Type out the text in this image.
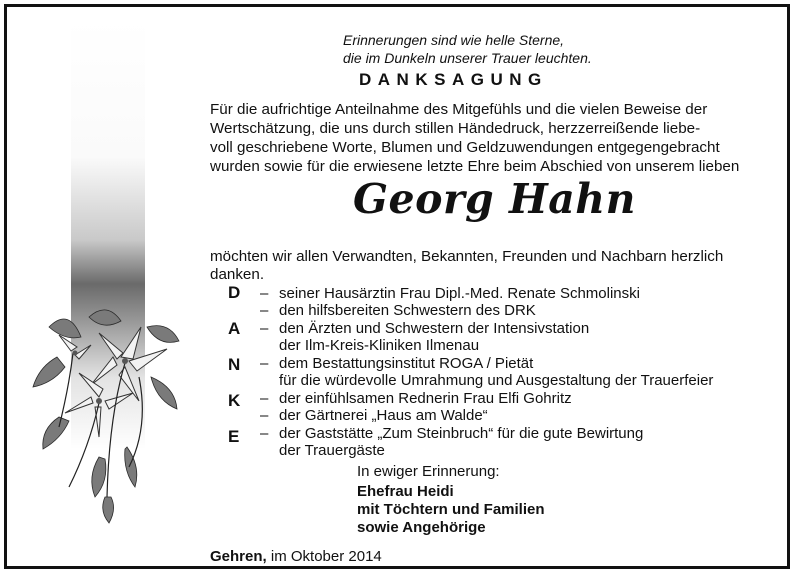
Erinnerungen sind wie helle Sterne,
die im Dunkeln unserer Trauer leuchten.
DANKSAGUNG
Für die aufrichtige Anteilnahme des Mitgefühls und die vielen Beweise der
Wertschätzung, die uns durch stillen Händedruck, herzzerreißende liebe-
voll geschriebene Worte, Blumen und Geldzuwendungen entgegengebracht
wurden sowie für die erwiesene letzte Ehre beim Abschied von unserem lieben
Georg Hahn
möchten wir allen Verwandten, Bekannten, Freunden und Nachbarn herzlich
danken.
D
A
N
K
E
– seiner Hausärztin Frau Dipl.-Med. Renate Schmolinski
– den hilfsbereiten Schwestern des DRK
– den Ärzten und Schwestern der Intensivstation
der Ilm-Kreis-Kliniken Ilmenau
– dem Bestattungsinstitut ROGA / Pietät
für die würdevolle Umrahmung und Ausgestaltung der Trauerfeier
– der einfühlsamen Rednerin Frau Elfi Gohritz
– der Gärtnerei „Haus am Walde“
– der Gaststätte „Zum Steinbruch“ für die gute Bewirtung
der Trauergäste
In ewiger Erinnerung:
Ehefrau Heidi
mit Töchtern und Familien
sowie Angehörige
Gehren, im Oktober 2014
